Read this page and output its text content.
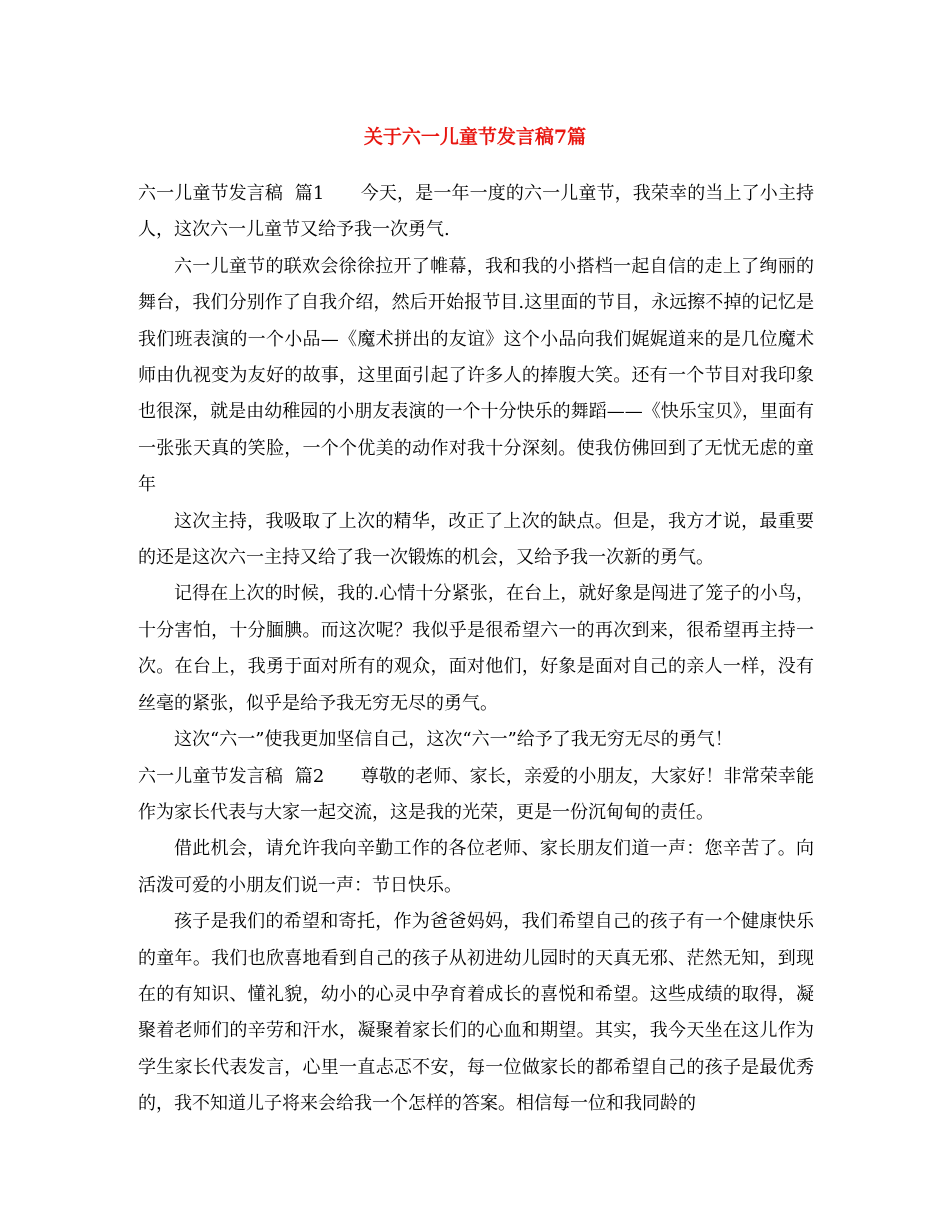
关于六一儿童节发言稿7篇

六一儿童节发言稿  篇1　　 今天，是一年一度的六一儿童节，我荣幸的当上了小主持人，这次六一儿童节又给予我一次勇气.

六一儿童节的联欢会徐徐拉开了帷幕，我和我的小搭档一起自信的走上了绚丽的舞台，我们分别作了自我介绍，然后开始报节目.这里面的节目，永远擦不掉的记忆是我们班表演的一个小品—《魔术拼出的友谊》这个小品向我们娓娓道来的是几位魔术师由仇视变为友好的故事，这里面引起了许多人的捧腹大笑。还有一个节目对我印象也很深，就是由幼稚园的小朋友表演的一个十分快乐的舞蹈——《快乐宝贝》，里面有一张张天真的笑脸，一个个优美的动作对我十分深刻。使我仿佛回到了无忧无虑的童年

这次主持，我吸取了上次的精华，改正了上次的缺点。但是，我方才说，最重要的还是这次六一主持又给了我一次锻炼的机会，又给予我一次新的勇气。

记得在上次的时候，我的.心情十分紧张，在台上，就好象是闯进了笼子的小鸟，十分害怕，十分腼腆。而这次呢？我似乎是很希望六一的再次到来，很希望再主持一次。在台上，我勇于面对所有的观众，面对他们，好象是面对自己的亲人一样，没有丝毫的紧张，似乎是给予我无穷无尽的勇气。

这次“六一”使我更加坚信自己，这次“六一”给予了我无穷无尽的勇气！

六一儿童节发言稿  篇2　　 尊敬的老师、家长，亲爱的小朋友，大家好！非常荣幸能作为家长代表与大家一起交流，这是我的光荣，更是一份沉甸甸的责任。

借此机会，请允许我向辛勤工作的各位老师、家长朋友们道一声：您辛苦了。向活泼可爱的小朋友们说一声：节日快乐。

孩子是我们的希望和寄托，作为爸爸妈妈，我们希望自己的孩子有一个健康快乐的童年。我们也欣喜地看到自己的孩子从初进幼儿园时的天真无邪、茫然无知，到现在的有知识、懂礼貌，幼小的心灵中孕育着成长的喜悦和希望。这些成绩的取得，凝聚着老师们的辛劳和汗水，凝聚着家长们的心血和期望。其实，我今天坐在这儿作为学生家长代表发言，心里一直忐忑不安，每一位做家长的都希望自己的孩子是最优秀的，我不知道儿子将来会给我一个怎样的答案。相信每一位和我同龄的
